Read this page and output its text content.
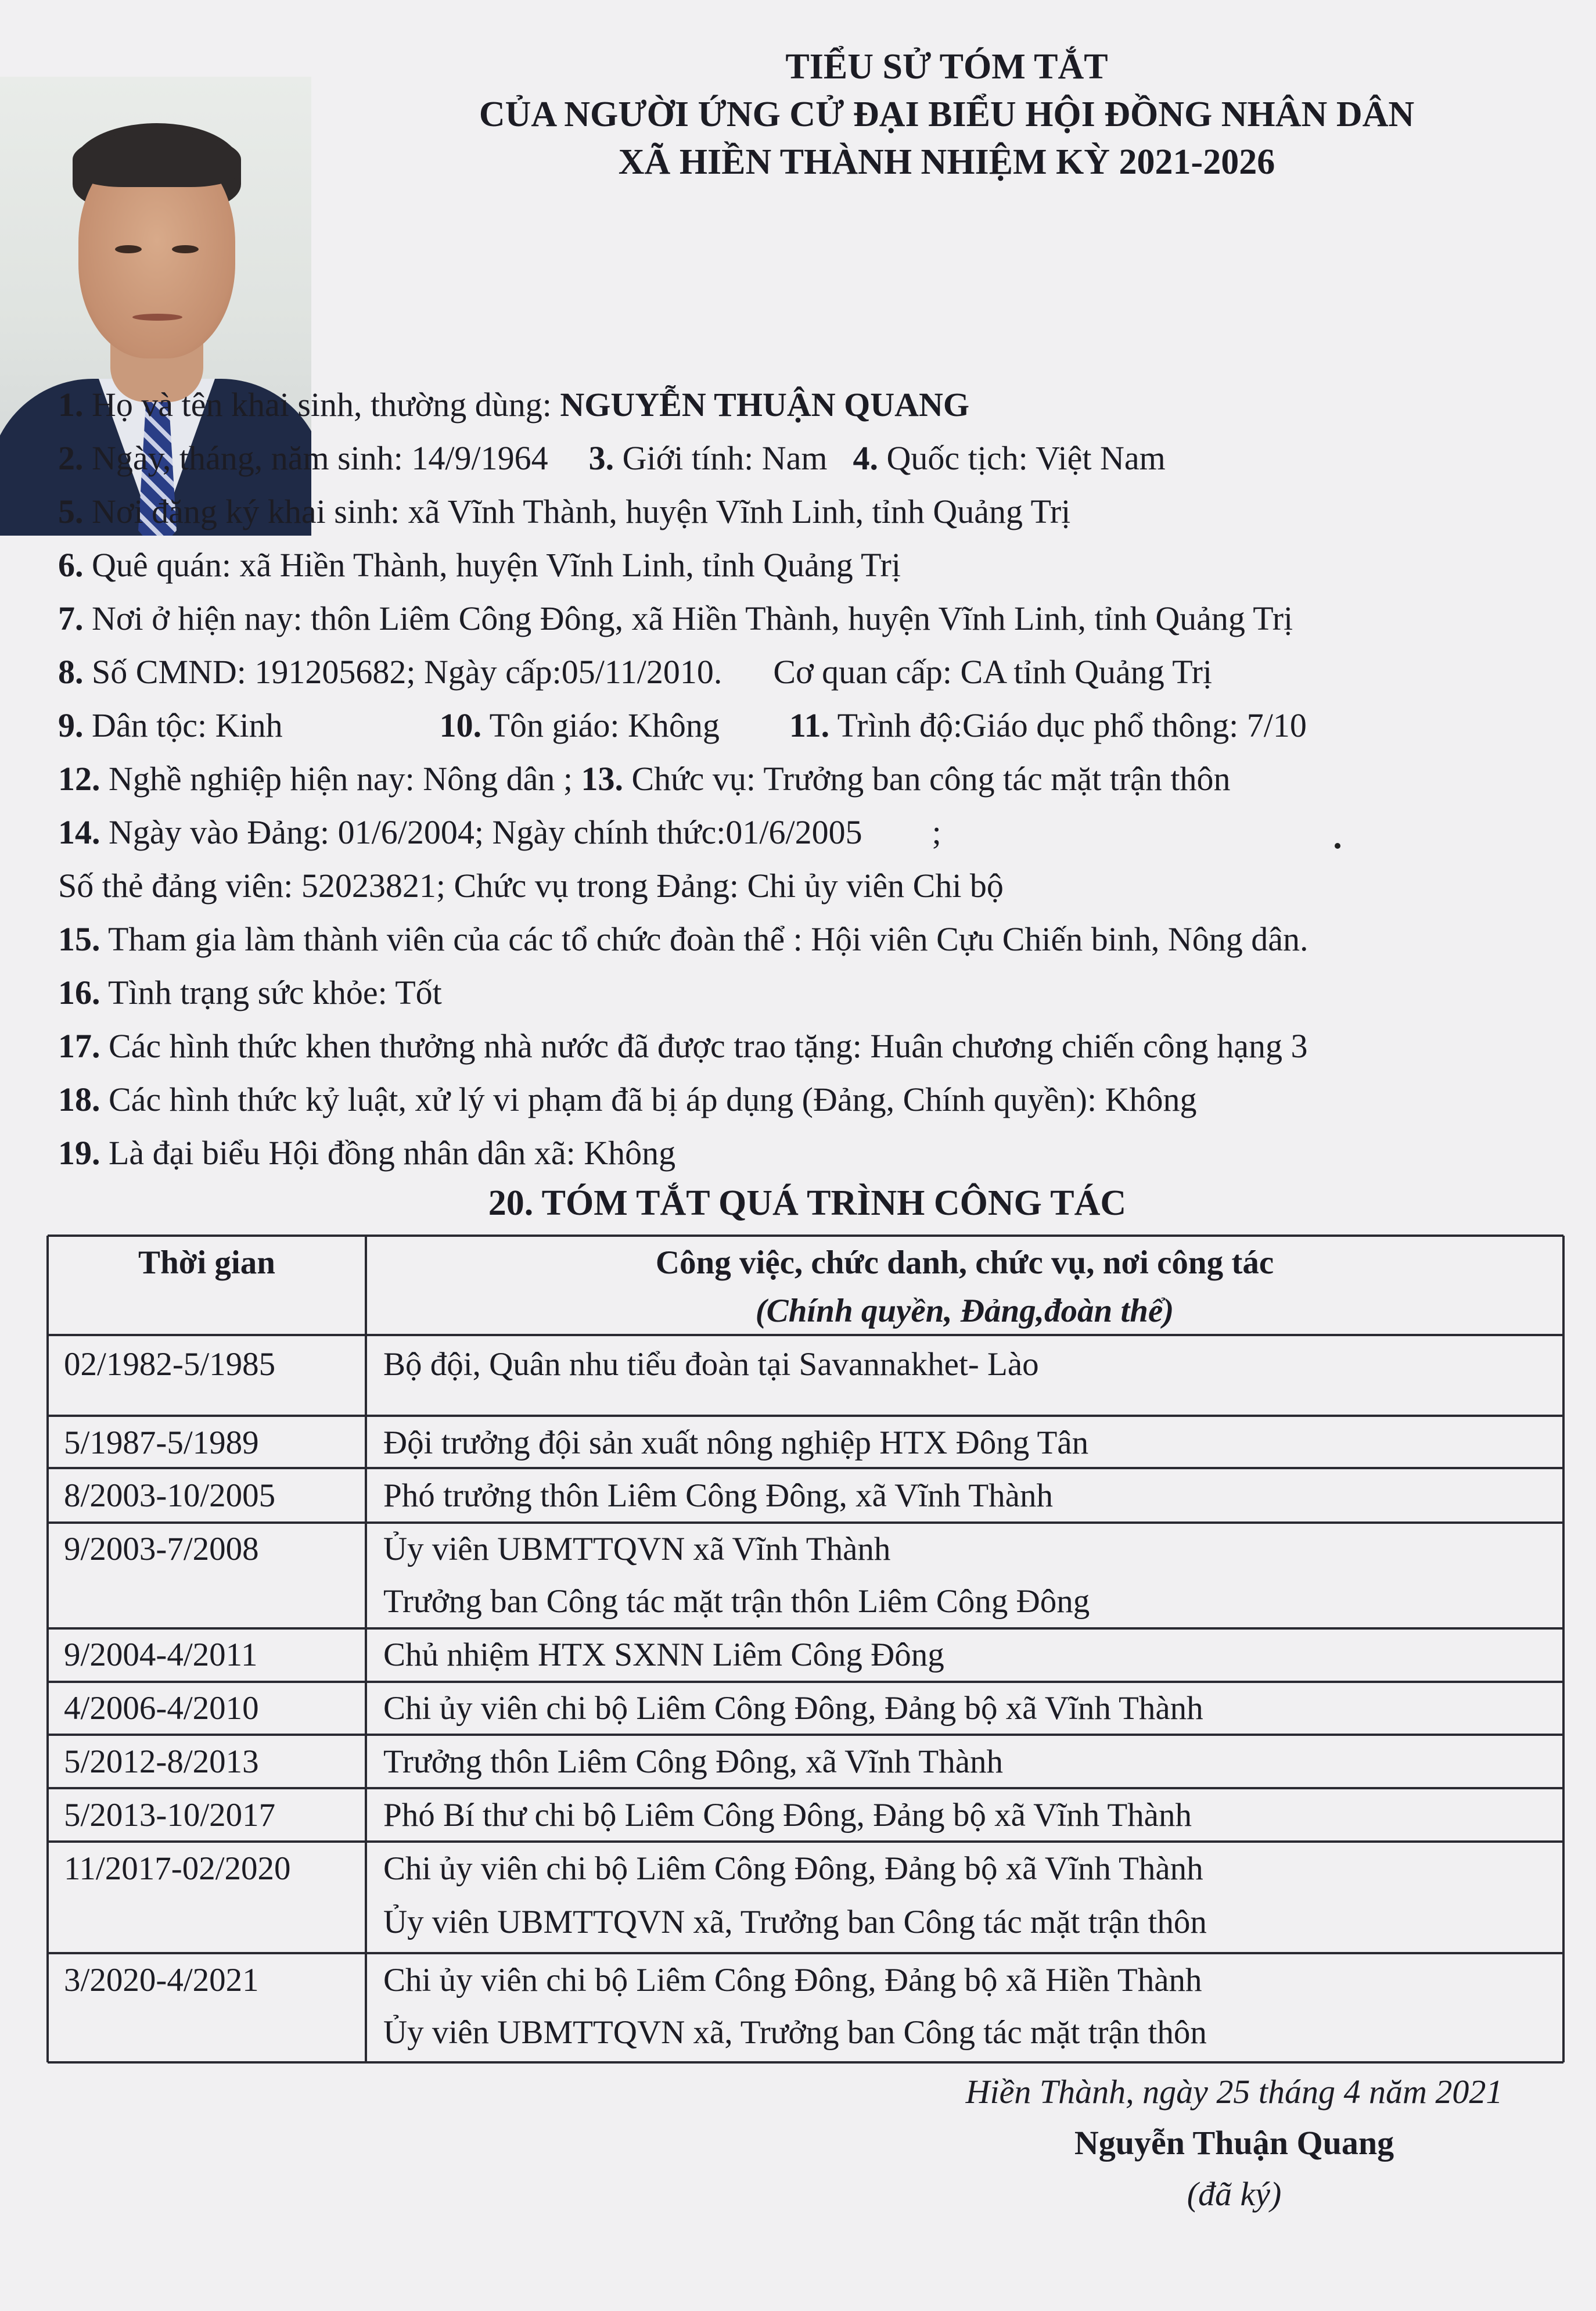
TIỂU SỬ TÓM TẮT
CỦA NGƯỜI ỨNG CỬ ĐẠI BIỂU HỘI ĐỒNG NHÂN DÂN
XÃ HIỀN THÀNH NHIỆM KỲ 2021-2026
1. Họ và tên khai sinh, thường dùng: NGUYỄN THUẬN QUANG
2. Ngày, tháng, năm sinh: 14/9/1964 3. Giới tính: Nam 4. Quốc tịch: Việt Nam
5. Nơi đăng ký khai sinh: xã Vĩnh Thành, huyện Vĩnh Linh, tỉnh Quảng Trị
6. Quê quán: xã Hiền Thành, huyện Vĩnh Linh, tỉnh Quảng Trị
7. Nơi ở hiện nay: thôn Liêm Công Đông, xã Hiền Thành, huyện Vĩnh Linh, tỉnh Quảng Trị
8. Số CMND: 191205682; Ngày cấp:05/11/2010. Cơ quan cấp: CA tỉnh Quảng Trị
9. Dân tộc: Kinh	10. Tôn giáo: Không 11. Trình độ:Giáo dục phổ thông: 7/10
12. Nghề nghiệp hiện nay: Nông dân ; 13. Chức vụ: Trưởng ban công tác mặt trận thôn
14. Ngày vào Đảng: 01/6/2004; Ngày chính thức:01/6/2005 ;
Số thẻ đảng viên: 52023821; Chức vụ trong Đảng: Chi ủy viên Chi bộ
15. Tham gia làm thành viên của các tổ chức đoàn thể : Hội viên Cựu Chiến binh, Nông dân.
16. Tình trạng sức khỏe: Tốt
17. Các hình thức khen thưởng nhà nước đã được trao tặng: Huân chương chiến công hạng 3
18. Các hình thức kỷ luật, xử lý vi phạm đã bị áp dụng (Đảng, Chính quyền): Không
19. Là đại biểu Hội đồng nhân dân xã: Không
20. TÓM TẮT QUÁ TRÌNH CÔNG TÁC
Thời gian	Công việc, chức danh, chức vụ, nơi công tác
(Chính quyền, Đảng,đoàn thể)
02/1982-5/1985	Bộ đội, Quân nhu tiểu đoàn tại Savannakhet- Lào
5/1987-5/1989	Đội trưởng đội sản xuất nông nghiệp HTX Đông Tân
8/2003-10/2005	Phó trưởng thôn Liêm Công Đông, xã Vĩnh Thành
9/2003-7/2008	Ủy viên UBMTTQVN xã Vĩnh Thành
Trưởng ban Công tác mặt trận thôn Liêm Công Đông
9/2004-4/2011	Chủ nhiệm HTX SXNN Liêm Công Đông
4/2006-4/2010	Chi ủy viên chi bộ Liêm Công Đông, Đảng bộ xã Vĩnh Thành
5/2012-8/2013	Trưởng thôn Liêm Công Đông, xã Vĩnh Thành
5/2013-10/2017	Phó Bí thư chi bộ Liêm Công Đông, Đảng bộ xã Vĩnh Thành
11/2017-02/2020	Chi ủy viên chi bộ Liêm Công Đông, Đảng bộ xã Vĩnh Thành
Ủy viên UBMTTQVN xã, Trưởng ban Công tác mặt trận thôn
3/2020-4/2021	Chi ủy viên chi bộ Liêm Công Đông, Đảng bộ xã Hiền Thành
Ủy viên UBMTTQVN xã, Trưởng ban Công tác mặt trận thôn
Hiền Thành, ngày 25 tháng 4 năm 2021
Nguyễn Thuận Quang
(đã ký)
